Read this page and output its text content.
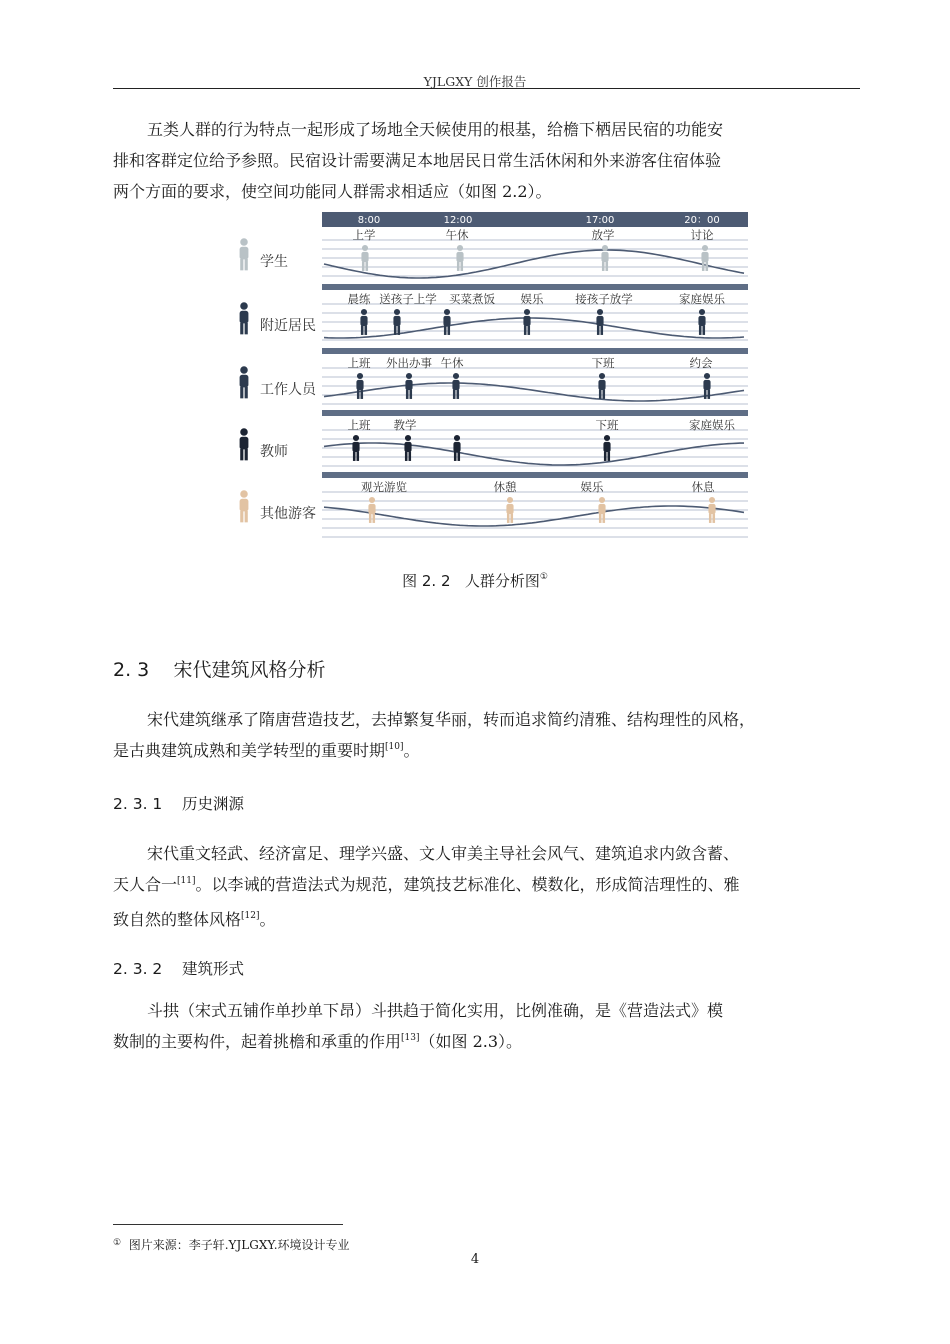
YJLGXY 创作报告

五类人群的行为特点一起形成了场地全天候使用的根基，给檐下栖居民宿的功能安
排和客群定位给予参照。民宿设计需要满足本地居民日常生活休闲和外来游客住宿体验
两个方面的要求，使空间功能同人群需求相适应（如图 2.2）。

8:00	12:00	17:00	20：00
学生
上学	午休	放学	讨论
附近居民
晨练 送孩子上学 买菜煮饭 娱乐	接孩子放学	家庭娱乐
工作人员
上班 外出办事 午休	下班	约会
教师
上班 教学	下班	家庭娱乐
其他游客
观光游览	休憩	娱乐	休息
图 2. 2 人群分析图①
2. 3 宋代建筑风格分析

宋代建筑继承了隋唐营造技艺，去掉繁复华丽，转而追求简约清雅、结构理性的风格，
是古典建筑成熟和美学转型的重要时期[10]。

2. 3. 1 历史渊源

宋代重文轻武、经济富足、理学兴盛、文人审美主导社会风气、建筑追求内敛含蓄、
天人合一[11]。以李诫的营造法式为规范，建筑技艺标准化、模数化，形成简洁理性的、雅
致自然的整体风格[12]。

2. 3. 2 建筑形式

斗拱（宋式五铺作单抄单下昂）斗拱趋于简化实用，比例准确，是《营造法式》模
数制的主要构件，起着挑檐和承重的作用[13]（如图 2.3）。

① 图片来源：李子轩.YJLGXY.环境设计专业
4
